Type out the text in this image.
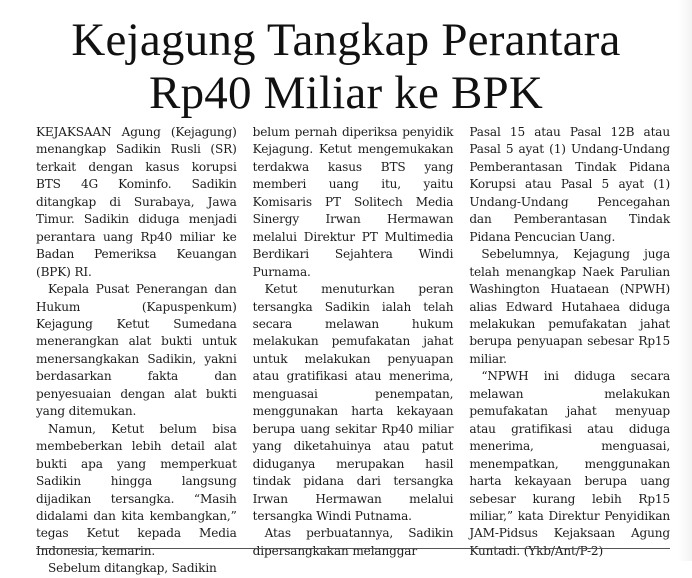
Kejagung Tangkap Perantara
Rp40 Miliar ke BPK

KEJAKSAAN Agung (Kejagung) menangkap Sadikin Rusli (SR) terkait dengan kasus korupsi BTS 4G Kominfo. Sadikin ditangkap di Surabaya, Jawa Timur. Sadikin diduga menjadi perantara uang Rp40 miliar ke Badan Pemeriksa Keuangan (BPK) RI.

Kepala Pusat Penerangan dan Hukum (Kapuspenkum) Kejagung Ketut Sumedana menerangkan alat bukti untuk menersangkakan Sadikin, yakni berdasarkan fakta dan penyesuaian dengan alat bukti yang ditemukan.

Namun, Ketut belum bisa membeberkan lebih detail alat bukti apa yang memperkuat Sadikin hingga langsung dijadikan tersangka. “Masih didalami dan kita kembangkan,” tegas Ketut kepada Media Indonesia, kemarin.

Sebelum ditangkap, Sadikin

belum pernah diperiksa penyidik Kejagung. Ketut mengemukakan terdakwa kasus BTS yang memberi uang itu, yaitu Komisaris PT Solitech Media Sinergy Irwan Hermawan melalui Direktur PT Multimedia Berdikari Sejahtera Windi Purnama.

Ketut menuturkan peran tersangka Sadikin ialah telah secara melawan hukum melakukan pemufakatan jahat untuk melakukan penyuapan atau gratifikasi atau menerima, menguasai penempatan, menggunakan harta kekayaan berupa uang sekitar Rp40 miliar yang diketahuinya atau patut diduganya merupakan hasil tindak pidana dari tersangka Irwan Hermawan melalui tersangka Windi Putnama.

Atas perbuatannya, Sadikin dipersangkakan melanggar

Pasal 15 atau Pasal 12B atau Pasal 5 ayat (1) Undang-Undang Pemberantasan Tindak Pidana Korupsi atau Pasal 5 ayat (1) Undang-Undang Pencegahan dan Pemberantasan Tindak Pidana Pencucian Uang.

Sebelumnya, Kejagung juga telah menangkap Naek Parulian Washington Huataean (NPWH) alias Edward Hutahaea diduga melakukan pemufakatan jahat berupa penyuapan sebesar Rp15 miliar.

“NPWH ini diduga secara melawan melakukan pemufakatan jahat menyuap atau gratifikasi atau diduga menerima, menguasai, menempatkan, menggunakan harta kekayaan berupa uang sebesar kurang lebih Rp15 miliar,” kata Direktur Penyidikan JAM-Pidsus Kejaksaan Agung Kuntadi. (Ykb/Ant/P-2)
